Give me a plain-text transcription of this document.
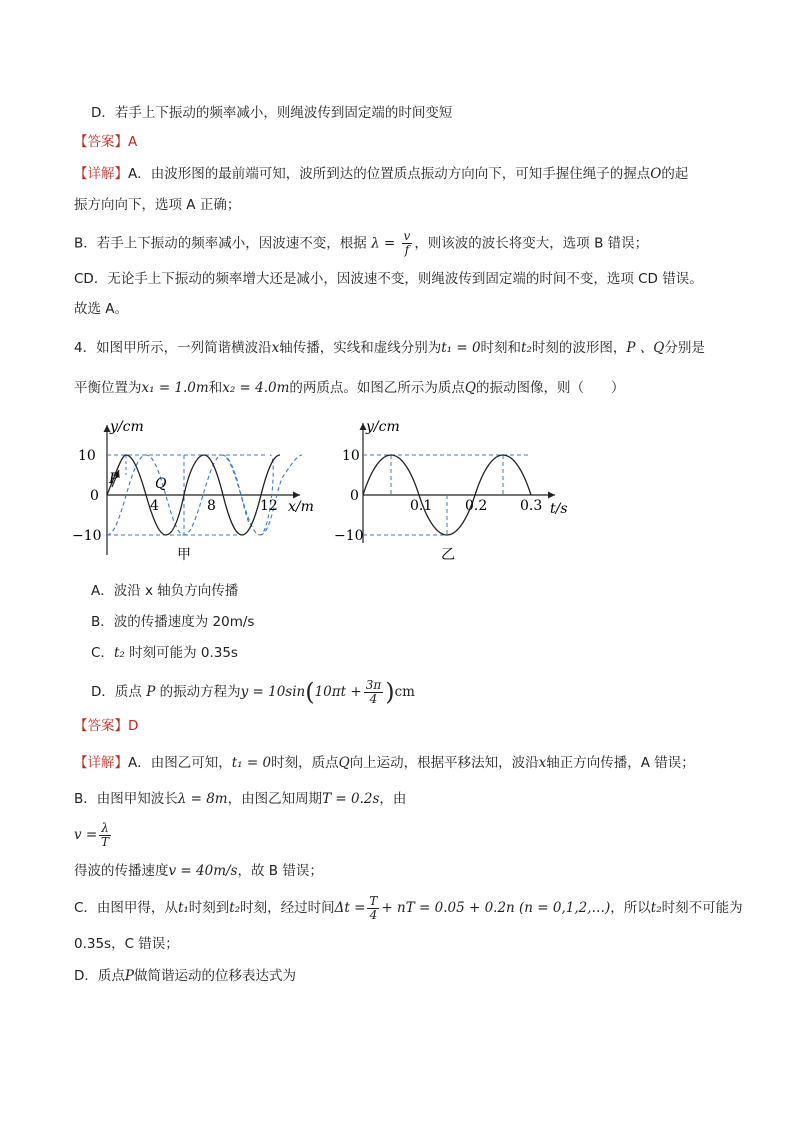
D．若手上下振动的频率减小，则绳波传到固定端的时间变短
【答案】A
【详解】A．由波形图的最前端可知，波所到达的位置质点振动方向向下，可知手握住绳子的握点O的起
振方向向下，选项 A 正确；
B．若手上下振动的频率减小，因波速不变，根据 $\lambda = \frac{v}{f}$ ，则该波的波长将变大，选项 B 错误；
CD．无论手上下振动的频率增大还是减小，因波速不变，则绳波传到固定端的时间不变，选项 CD 错误。
故选 A。
4．如图甲所示，一列简谐横波沿x轴传播，实线和虚线分别为t₁ = 0时刻和t₂时刻的波形图，P 、Q分别是
平衡位置为x₁ = 1.0m和x₂ = 4.0m的两质点。如图乙所示为质点Q的振动图像，则（　　）
y/cm
10
0
−10
4	8	12 x/m
P	Q
甲
y/cm
10
0
−10
0.1 0.2 0.3 t/s
乙
A．波沿 x 轴负方向传播
B．波的传播速度为 20m/s
C．t₂ 时刻可能为 0.35s
D．质点 P 的振动方程为$y = 10\sin(10\pi t + \frac{3\pi}{4} )cm$
【答案】D
【详解】A．由图乙可知，t₁ = 0时刻，质点Q向上运动，根据平移法知，波沿x轴正方向传播，A 错误；
B．由图甲知波长λ = 8m，由图乙知周期T = 0.2s，由
$v = \frac{\lambda}{T}$
得波的传播速度v = 40m/s，故 B 错误；
C．由图甲得，从t₁时刻到t₂时刻，经过时间$\Delta t = \frac{T}{4}$ + nT = 0.05 + 0.2n (n = 0,1,2,…)，所以t₂时刻不可能为
0.35s，C 错误；
D．质点P做简谐运动的位移表达式为
